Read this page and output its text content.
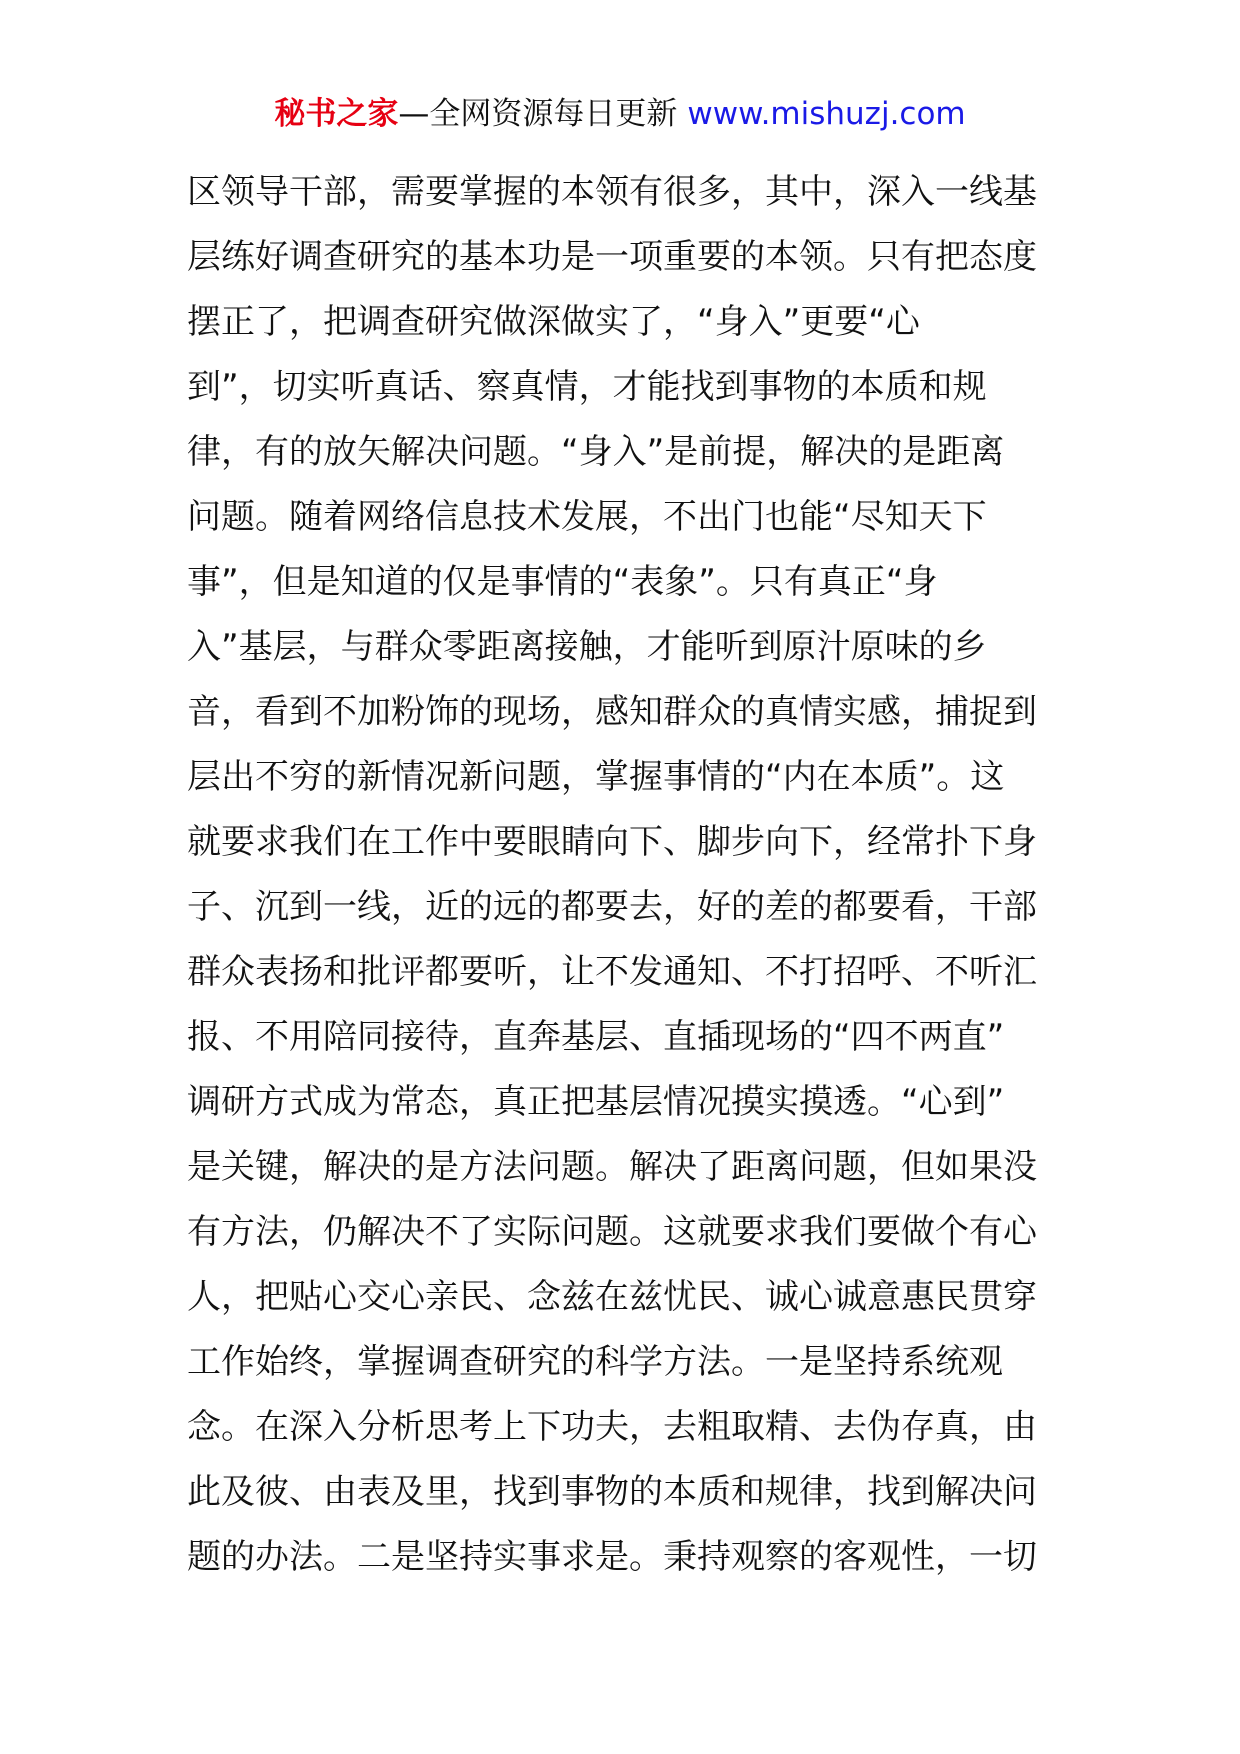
秘书之家—全网资源每日更新 www.mishuzj.com
区领导干部，需要掌握的本领有很多，其中，深入一线基
层练好调查研究的基本功是一项重要的本领。只有把态度
摆正了，把调查研究做深做实了，“身入”更要“心
到”，切实听真话、察真情，才能找到事物的本质和规
律，有的放矢解决问题。“身入”是前提，解决的是距离
问题。随着网络信息技术发展，不出门也能“尽知天下
事”，但是知道的仅是事情的“表象”。只有真正“身
入”基层，与群众零距离接触，才能听到原汁原味的乡
音，看到不加粉饰的现场，感知群众的真情实感，捕捉到
层出不穷的新情况新问题，掌握事情的“内在本质”。这
就要求我们在工作中要眼睛向下、脚步向下，经常扑下身
子、沉到一线，近的远的都要去，好的差的都要看，干部
群众表扬和批评都要听，让不发通知、不打招呼、不听汇
报、不用陪同接待，直奔基层、直插现场的“四不两直”
调研方式成为常态，真正把基层情况摸实摸透。“心到”
是关键，解决的是方法问题。解决了距离问题，但如果没
有方法，仍解决不了实际问题。这就要求我们要做个有心
人，把贴心交心亲民、念兹在兹忧民、诚心诚意惠民贯穿
工作始终，掌握调查研究的科学方法。一是坚持系统观
念。在深入分析思考上下功夫，去粗取精、去伪存真，由
此及彼、由表及里，找到事物的本质和规律，找到解决问
题的办法。二是坚持实事求是。秉持观察的客观性，一切
